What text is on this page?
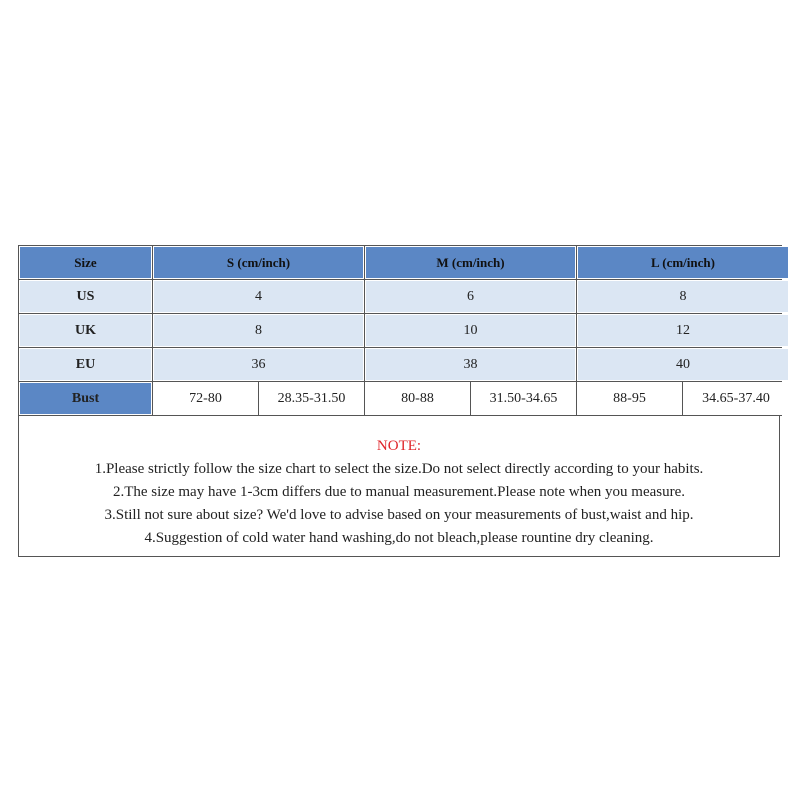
Size	S (cm/inch)	M (cm/inch)	L (cm/inch)
US	4	6	8
UK	8	10	12
EU	36	38	40
Bust	72-80	28.35-31.50	80-88	31.50-34.65	88-95	34.65-37.40
NOTE:
1.Please strictly follow the size chart to select the size.Do not select directly according to your habits.
2.The size may have 1-3cm differs due to manual measurement.Please note when you measure.
3.Still not sure about size? We'd love to advise based on your measurements of bust,waist and hip.
4.Suggestion of cold water hand washing,do not bleach,please rountine dry cleaning.
